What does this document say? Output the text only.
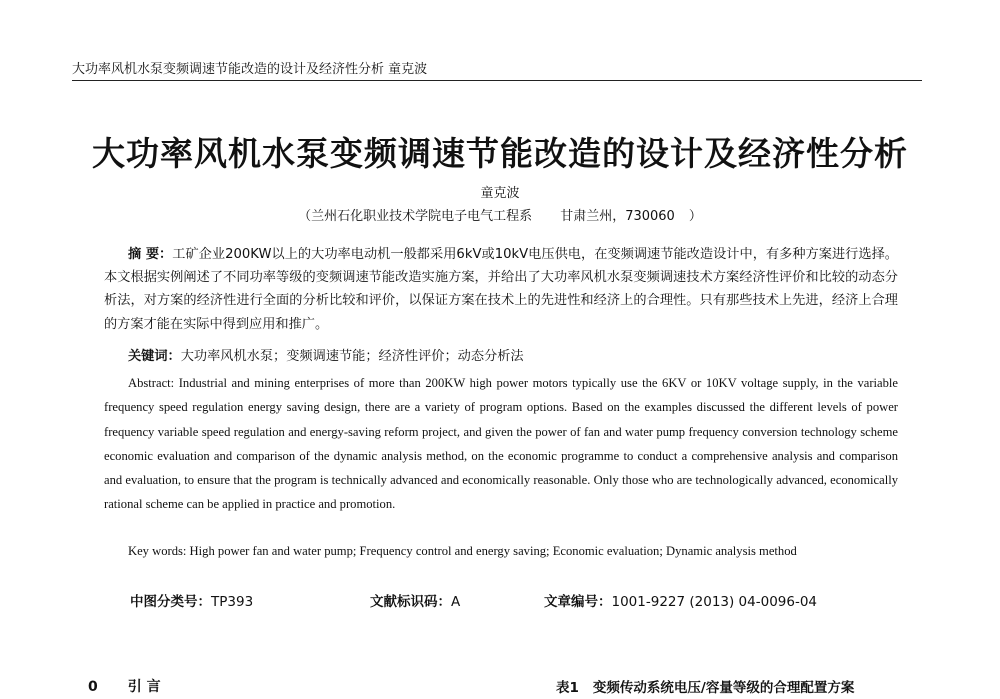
大功率风机水泵变频调速节能改造的设计及经济性分析 童克波
大功率风机水泵变频调速节能改造的设计及经济性分析
童克波
（兰州石化职业技术学院电子电气工程系 甘肃兰州，730060 ）
摘 要：工矿企业200KW以上的大功率电动机一般都采用6kV或10kV电压供电，在变频调速节能改造设计中，有多种方案进行选择。本文根据实例阐述了不同功率等级的变频调速节能改造实施方案，并给出了大功率风机水泵变频调速技术方案经济性评价和比较的动态分析法，对方案的经济性进行全面的分析比较和评价，以保证方案在技术上的先进性和经济上的合理性。只有那些技术上先进，经济上合理的方案才能在实际中得到应用和推广。
关键词：大功率风机水泵；变频调速节能；经济性评价；动态分析法
Abstract: Industrial and mining enterprises of more than 200KW high power motors typically use the 6KV or 10KV voltage supply, in the variable frequency speed regulation energy saving design, there are a variety of program options. Based on the examples discussed the different levels of power frequency variable speed regulation and energy-saving reform project, and given the power of fan and water pump frequency conversion technology scheme economic evaluation and comparison of the dynamic analysis method, on the economic programme to conduct a comprehensive analysis and comparison and evaluation, to ensure that the program is technically advanced and economically reasonable. Only those who are technologically advanced, economically rational scheme can be applied in practice and promotion.
Key words: High power fan and water pump; Frequency control and energy saving; Economic evaluation; Dynamic analysis method
中图分类号：TP393	文献标识码：A	文章编号：1001-9227 (2013) 04-0096-04
0 引 言	表1 变频传动系统电压/容量等级的合理配置方案
